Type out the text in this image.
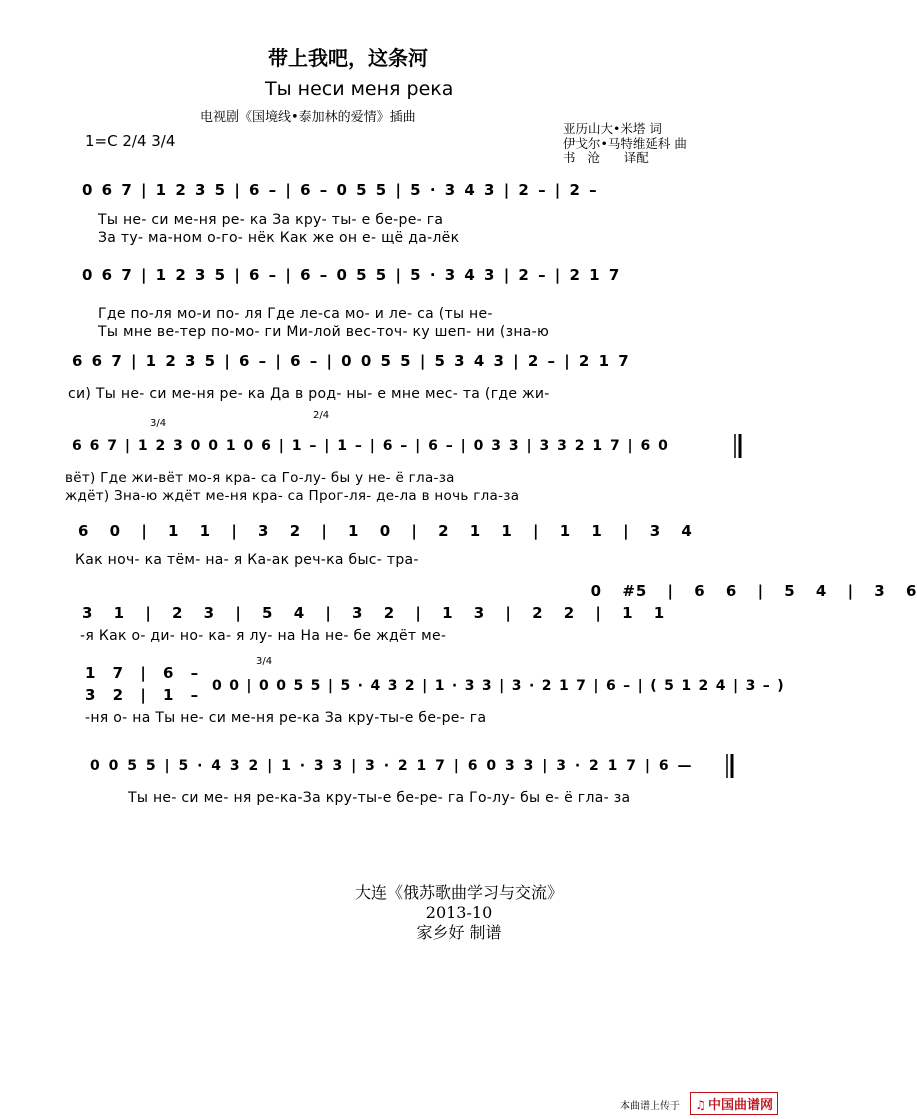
带上我吧，这条河
Ты неси меня река
电视剧《国境线•泰加林的爱情》插曲
1=C 2/4 3/4
亚历山大•米塔 词
伊戈尔•马特维延科 曲
书   沧      译配
0 6 7 | 1 2 3 5 | 6 – | 6 – 0 5 5 | 5 · 3 4 3 | 2 – | 2 –
Ты не- си ме-ня ре- ка За кру- ты- е бе-ре- га
За ту- ма-ном о-го- нёк Как же он е- щё да-лёк
0 6 7 | 1 2 3 5 | 6 – | 6 – 0 5 5 | 5 · 3 4 3 | 2 – | 2 1 7
Где по-ля мо-и по- ля Где ле-са мо- и ле- са (ты не-
Ты мне ве-тер по-мо- ги Ми-лой вес-точ- ку шеп- ни (зна-ю
6 6 7 | 1 2 3 5 | 6 – | 6 – | 0 0 5 5 | 5 3 4 3 | 2 – | 2 1 7
си) Ты не- си ме-ня ре- ка Да в род- ны- е мне мес- та (где жи-
3/4
2/4
6 6 7 | 1 2 3 0 0 1 0 6 | 1 – | 1 – | 6 – | 6 – | 0 3 3 | 3 3 2 1 7 | 6 0
вёт) Где жи-вёт мо-я кра- са Го-лу- бы у не- ё гла-за
ждёт) Зна-ю ждёт ме-ня кра- са Прог-ля- де-ла в ночь гла-за
6 0 | 1 1 | 3 2 | 1 0 | 2 1 1 | 1 1 | 3 4
Как ноч- ка тём- на- я Ка-ак реч-ка быс- тра-
0 #5 | 6 6 | 5 4 | 3 6
3 1 | 2 3 | 5 4 | 3 2 | 1 3 | 2 2 | 1 1
-я Как о- ди- но- ка- я лу- на На не- бе ждёт ме-
3/4
1 7 | 6 –
3 2 | 1 – 0 0 | 0 0 5 5 | 5 · 4 3 2 | 1 · 3 3 | 3 · 2 1 7 | 6 – | ( 5 1 2 4 | 3 – )
-ня о- на Ты не- си ме-ня ре-ка За кру-ты-е бе-ре- га
0 0 5 5 | 5 · 4 3 2 | 1 · 3 3 | 3 · 2 1 7 | 6 0 3 3 | 3 · 2 1 7 | 6 —
Ты не- си ме- ня ре-ка-За кру-ты-е бе-ре- га Го-лу- бы е- ё гла- за
大连《俄苏歌曲学习与交流》
2013-10
家乡好 制谱
本曲谱上传于	♫ 中国曲谱网
